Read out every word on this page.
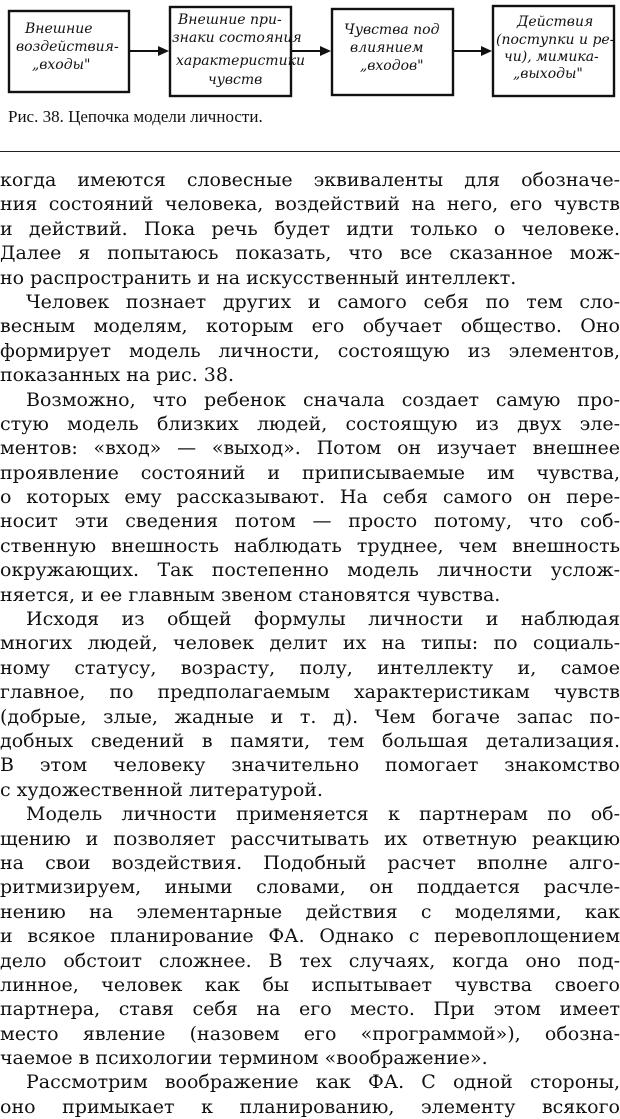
Внешние
воздействия-
„входы"
Внешние при-
знаки состояния
характеристики
чувств
Чувства под
влиянием
„входов"
Действия
(поступки и ре-
чи), мимика-
„выходы"
Рис. 38. Цепочка модели личности.
когда имеются словесные эквиваленты для обозначе-
ния состояний человека, воздействий на него, его чувств
и действий. Пока речь будет идти только о человеке.
Далее я попытаюсь показать, что все сказанное мож-
но распространить и на искусственный интеллект.
Человек познает других и самого себя по тем сло-
весным моделям, которым его обучает общество. Оно
формирует модель личности, состоящую из элементов,
показанных на рис. 38.
Возможно, что ребенок сначала создает самую про-
стую модель близких людей, состоящую из двух эле-
ментов: «вход» — «выход». Потом он изучает внешнее
проявление состояний и приписываемые им чувства,
о которых ему рассказывают. На себя самого он пере-
носит эти сведения потом — просто потому, что соб-
ственную внешность наблюдать труднее, чем внешность
окружающих. Так постепенно модель личности услож-
няется, и ее главным звеном становятся чувства.
Исходя из общей формулы личности и наблюдая
многих людей, человек делит их на типы: по социаль-
ному статусу, возрасту, полу, интеллекту и, самое
главное, по предполагаемым характеристикам чувств
(добрые, злые, жадные и т. д). Чем богаче запас по-
добных сведений в памяти, тем большая детализация.
В этом человеку значительно помогает знакомство
с художественной литературой.
Модель личности применяется к партнерам по об-
щению и позволяет рассчитывать их ответную реакцию
на свои воздействия. Подобный расчет вполне алго-
ритмизируем, иными словами, он поддается расчле-
нению на элементарные действия с моделями, как
и всякое планирование ФА. Однако с перевоплощением
дело обстоит сложнее. В тех случаях, когда оно под-
линное, человек как бы испытывает чувства своего
партнера, ставя себя на его место. При этом имеет
место явление (назовем его «программой»), обозна-
чаемое в психологии термином «воображение».
Рассмотрим воображение как ФА. С одной стороны,
оно примыкает к планированию, элементу всякого
